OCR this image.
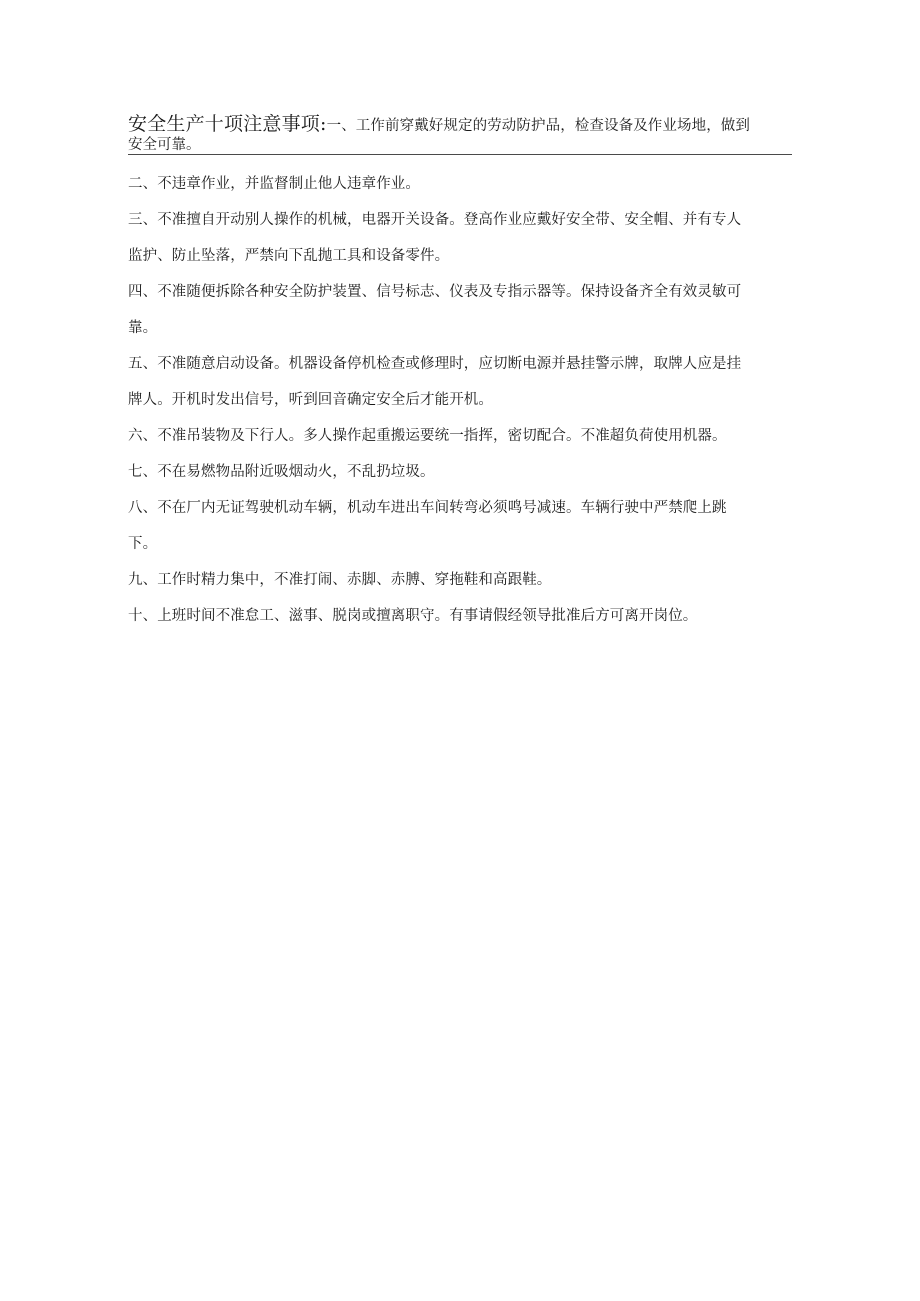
安全生产十项注意事项:一、工作前穿戴好规定的劳动防护品，检查设备及作业场地，做到
安全可靠。
二、不违章作业，并监督制止他人违章作业。
三、不准擅自开动别人操作的机械，电器开关设备。登高作业应戴好安全带、安全帽、并有专人
监护、防止坠落，严禁向下乱抛工具和设备零件。
四、不准随便拆除各种安全防护装置、信号标志、仪表及专指示器等。保持设备齐全有效灵敏可
靠。
五、不准随意启动设备。机器设备停机检查或修理时，应切断电源并悬挂警示牌，取牌人应是挂
牌人。开机时发出信号，听到回音确定安全后才能开机。
六、不准吊装物及下行人。多人操作起重搬运要统一指挥，密切配合。不准超负荷使用机器。
七、不在易燃物品附近吸烟动火，不乱扔垃圾。
八、不在厂内无证驾驶机动车辆，机动车进出车间转弯必须鸣号减速。车辆行驶中严禁爬上跳
下。
九、工作时精力集中，不准打闹、赤脚、赤膊、穿拖鞋和高跟鞋。
十、上班时间不准怠工、滋事、脱岗或擅离职守。有事请假经领导批准后方可离开岗位。
